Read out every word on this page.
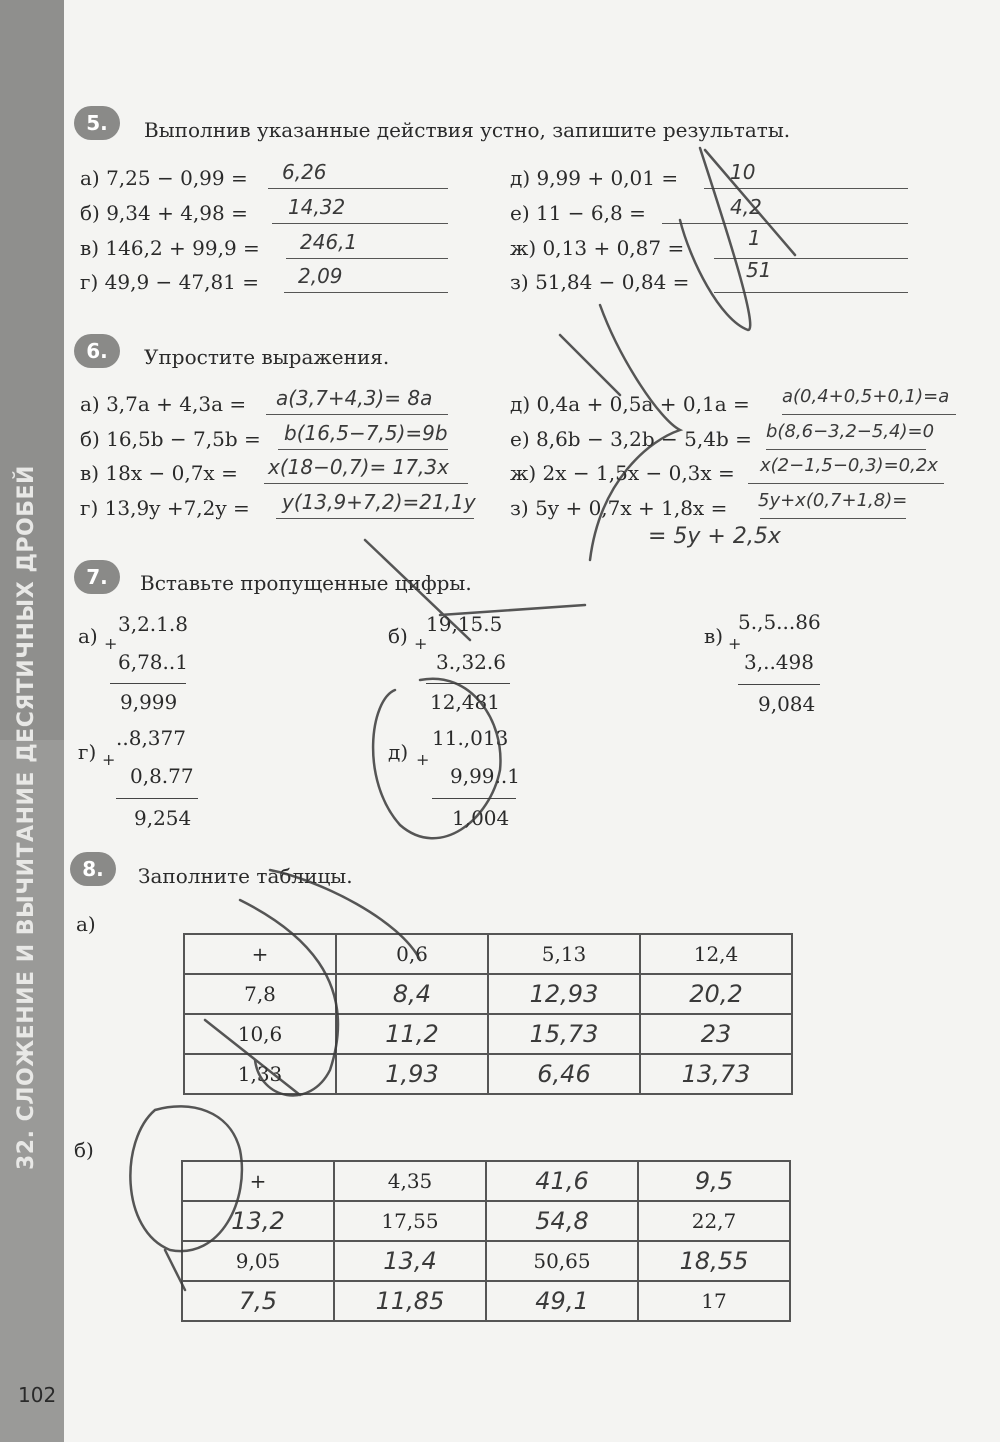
32. СЛОЖЕНИЕ И ВЫЧИТАНИЕ ДЕСЯТИЧНЫХ ДРОБЕЙ
5.	Выполнив указанные действия устно, запишите результаты.
а) 7,25 − 0,99 = 6,26
б) 9,34 + 4,98 = 14,32
в) 146,2 + 99,9 = 246,1
г) 49,9 − 47,81 = 2,09
д) 9,99 + 0,01 =	10
е) 11 − 6,8 =	4,2
ж) 0,13 + 0,87 =	1
з) 51,84 − 0,84 =	51
6.	Упростите выражения.
а) 3,7a + 4,3a = a(3,7+4,3)= 8a
б) 16,5b − 7,5b = b(16,5−7,5)=9b
в) 18x − 0,7x = x(18−0,7)= 17,3x
г) 13,9y +7,2y = y(13,9+7,2)=21,1y
д) 0,4a + 0,5a + 0,1a = a(0,4+0,5+0,1)=a
е) 8,6b − 3,2b − 5,4b = b(8,6−3,2−5,4)=0
ж) 2x − 1,5x − 0,3x = x(2−1,5−0,3)=0,2x
з) 5y + 0,7x + 1,8x = 5y+x(0,7+1,8)=
= 5y + 2,5x
7.	Вставьте пропущенные цифры.
а) +
3,2.1.8
6,78..1
9,999
б) +
19,15.5
3.,32.6
12,481
в) +
5.,5...86
3,..498
9,084
г) +
..8,377
0,8.77
9,254
д) +
11.,013
9,99..1
1,004
8.	Заполните таблицы.
а)
+	0,6	5,13	12,4
7,8	8,4	12,93	20,2
10,6	11,2	15,73	23
1,33	1,93	6,46	13,73
б)
+	4,35	41,6	9,5
13,2	17,55	54,8	22,7
9,05	13,4	50,65	18,55
7,5	11,85	49,1	17
102
